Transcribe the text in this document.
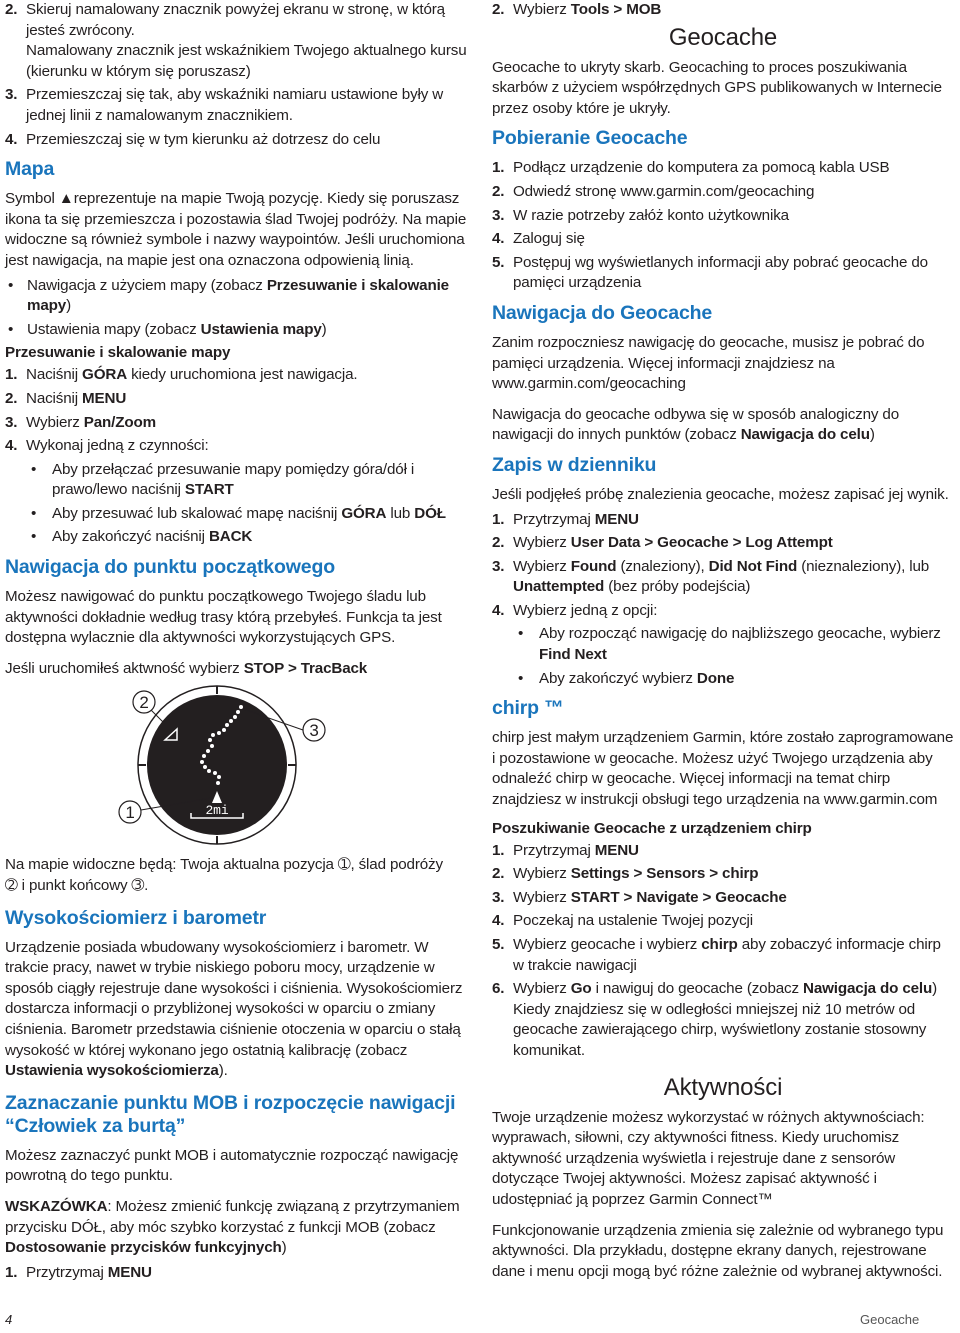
2. Skieruj namalowany znacznik powyżej ekranu w stronę, w którą jesteś zwrócony.
Namalowany znacznik jest wskaźnikiem Twojego aktualnego kursu (kierunku w którym się poruszasz)
3. Przemieszczaj się tak, aby wskaźniki namiaru ustawione były w jednej linii z namalowanym znacznikiem.
4. Przemieszczaj się w tym kierunku aż dotrzesz do celu
Mapa

Symbol ▲reprezentuje na mapie Twoją pozycję. Kiedy się poruszasz ikona ta się przemieszcza i pozostawia ślad Twojej podróży. Na mapie widoczne są również symbole i nazwy waypointów. Jeśli uruchomiona jest nawigacja, na mapie jest ona oznaczona odpowienią linią.

• Nawigacja z użyciem mapy (zobacz Przesuwanie i skalowanie mapy)
• Ustawienia mapy (zobacz Ustawienia mapy)
Przesuwanie i skalowanie mapy
1. Naciśnij GÓRA kiedy uruchomiona jest nawigacja.
2. Naciśnij MENU
3. Wybierz Pan/Zoom
4. Wykonaj jedną z czynności:
• Aby przełączać przesuwanie mapy pomiędzy góra/dół i prawo/lewo naciśnij START
• Aby przesuwać lub skalować mapę naciśnij GÓRA lub DÓŁ
• Aby zakończyć naciśnij BACK
Nawigacja do punktu początkowego

Możesz nawigować do punktu początkowego Twojego śladu lub aktywności dokładnie według trasy którą przebyłeś. Funkcja ta jest dostępna wylacznie dla aktywności wykorzystujących GPS.

Jeśli uruchomiłeś aktwność wybierz STOP > TracBack

2mi
2
3
1

Na mapie widoczne będą: Twoja aktualna pozycja ➀, ślad podróży
➁ i punkt końcowy ➂.

Wysokościomierz i barometr

Urządzenie posiada wbudowany wysokościomierz i barometr. W trakcie pracy, nawet w trybie niskiego poboru mocy, urządzenie w sposób ciągły rejestruje dane wysokości i ciśnienia. Wysokościomierz dostarcza informacji o przybliżonej wysokości w oparciu o zmiany ciśnienia. Barometr przedstawia ciśnienie otoczenia w oparciu o stałą wysokość w której wykonano jego ostatnią kalibrację (zobacz Ustawienia wysokościomierza).

Zaznaczanie punktu MOB i rozpoczęcie nawigacji
“Człowiek za burtą”

Możesz zaznaczyć punkt MOB i automatycznie rozpocząć nawigację powrotną do tego punktu.

WSKAZÓWKA: Możesz zmienić funkcję związaną z przytrzymaniem przycisku DÓŁ, aby móc szybko korzystać z funkcji MOB (zobacz Dostosowanie przycisków funkcyjnych)

1. Przytrzymaj MENU
2. Wybierz Tools > MOB
Geocache

Geocache to ukryty skarb. Geocaching to proces poszukiwania skarbów z użyciem współrzędnych GPS publikowanych w Internecie przez osoby które je ukryły.

Pobieranie Geocache
1. Podłącz urządzenie do komputera za pomocą kabla USB
2. Odwiedź stronę www.garmin.com/geocaching
3. W razie potrzeby załóż konto użytkownika
4. Zaloguj się
5. Postępuj wg wyświetlanych informacji aby pobrać geocache do pamięci urządzenia
Nawigacja do Geocache

Zanim rozpoczniesz nawigację do geocache, musisz je pobrać do pamięci urządzenia. Więcej informacji znajdziesz na www.garmin.com/geocaching

Nawigacja do geocache odbywa się w sposób analogiczny do nawigacji do innych punktów (zobacz Nawigacja do celu)

Zapis w dzienniku

Jeśli podjęłeś próbę znalezienia geocache, możesz zapisać jej wynik.

1. Przytrzymaj MENU
2. Wybierz User Data > Geocache > Log Attempt
3. Wybierz Found (znaleziony), Did Not Find (nieznaleziony), lub Unattempted (bez próby podejścia)
4. Wybierz jedną z opcji:
• Aby rozpocząć nawigację do najbliższego geocache, wybierz Find Next
• Aby zakończyć wybierz Done
chirp ™

chirp jest małym urządzeniem Garmin, które zostało zaprogramowane i pozostawione w geocache. Możesz użyć Twojego urządzenia aby odnaleźć chirp w geocache. Więcej informacji na temat chirp znajdziesz w instrukcji obsługi tego urządzenia na www.garmin.com

Poszukiwanie Geocache z urządzeniem chirp
1. Przytrzymaj MENU
2. Wybierz Settings > Sensors > chirp
3. Wybierz START > Navigate > Geocache
4. Poczekaj na ustalenie Twojej pozycji
5. Wybierz geocache i wybierz chirp aby zobaczyć informacje chirp w trakcie nawigacji
6. Wybierz Go i nawiguj do geocache (zobacz Nawigacja do celu) Kiedy znajdziesz się w odległości mniejszej niż 10 metrów od geocache zawierającego chirp, wyświetlony zostanie stosowny komunikat.
Aktywności

Twoje urządzenie możesz wykorzystać w różnych aktywnościach: wyprawach, siłowni, czy aktywności fitness. Kiedy uruchomisz aktywność urządzenia wyświetla i rejestruje dane z sensorów dotyczące Twojej aktywności. Możesz zapisać aktywność i udostępniać ją poprzez Garmin Connect™

Funkcjonowanie urządzenia zmienia się zależnie od wybranego typu aktywności. Dla przykładu, dostępne ekrany danych, rejestrowane dane i menu opcji mogą być różne zależnie od wybranej aktywności.

4	Geocache
